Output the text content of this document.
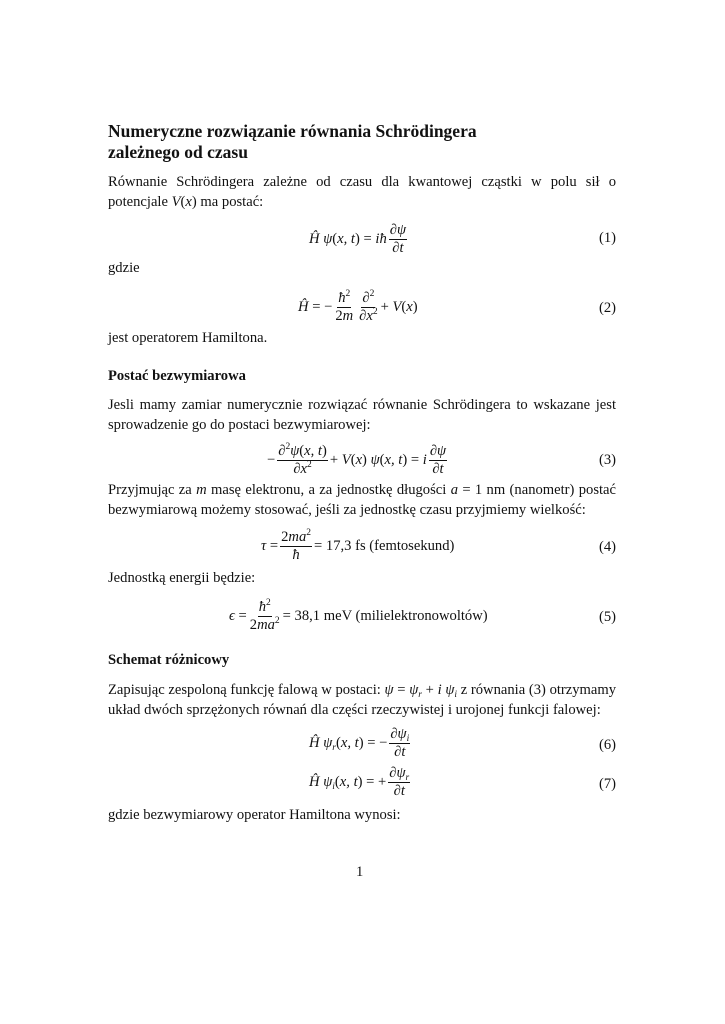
Numeryczne rozwiązanie równania Schrödingera
zależnego od czasu
Równanie Schrödingera zależne od czasu dla kwantowej cząstki w polu sił o potencjale V(x) ma postać:
Ĥ ψ(x, t) = iħ $\frac{\partial\psi}{\partial t}$	(1)
gdzie
Ĥ = − $\frac{ħ^2}{2m} \frac{\partial^2}{\partial x^2} + V(x)$	(2)
jest operatorem Hamiltona.
Postać bezwymiarowa
Jesli mamy zamiar numerycznie rozwiązać równanie Schrödingera to wskazane jest sprowadzenie go do postaci bezwymiarowej:
− $\frac{\partial^2\psi(x, t)}{\partial x^2} + V(x)$ ψ(x, t) = i $\frac{\partial\psi}{\partial t}$	(3)
Przyjmując za m masę elektronu, a za jednostkę długości a = 1 nm (nanometr) postać bezwymiarową możemy stosować, jeśli za jednostkę czasu przyjmiemy wielkość:
$\tau = \frac{2ma^2}{ħ} = 17,3$ fs (femtosekund)	(4)
Jednostką energii będzie:
$\epsilon = \frac{ħ^2}{2ma^2} = 38,1$ meV (milielektronowoltów)	(5)
Schemat różnicowy
Zapisując zespoloną funkcję falową w postaci: $\psi = \psi_r + i$ $\psi_i$ z równania (3) otrzymamy układ dwóch sprzężonych równań dla części rzeczywistej i urojonej funkcji falowej:
Ĥ $\psi_r(x$, t) = − $\frac{\partial\psi_i}{\partial t}$	(6)
Ĥ $\psi_i(x$, t) = + $\frac{\partial\psi_r}{\partial t}$	(7)
gdzie bezwymiarowy operator Hamiltona wynosi:
1
